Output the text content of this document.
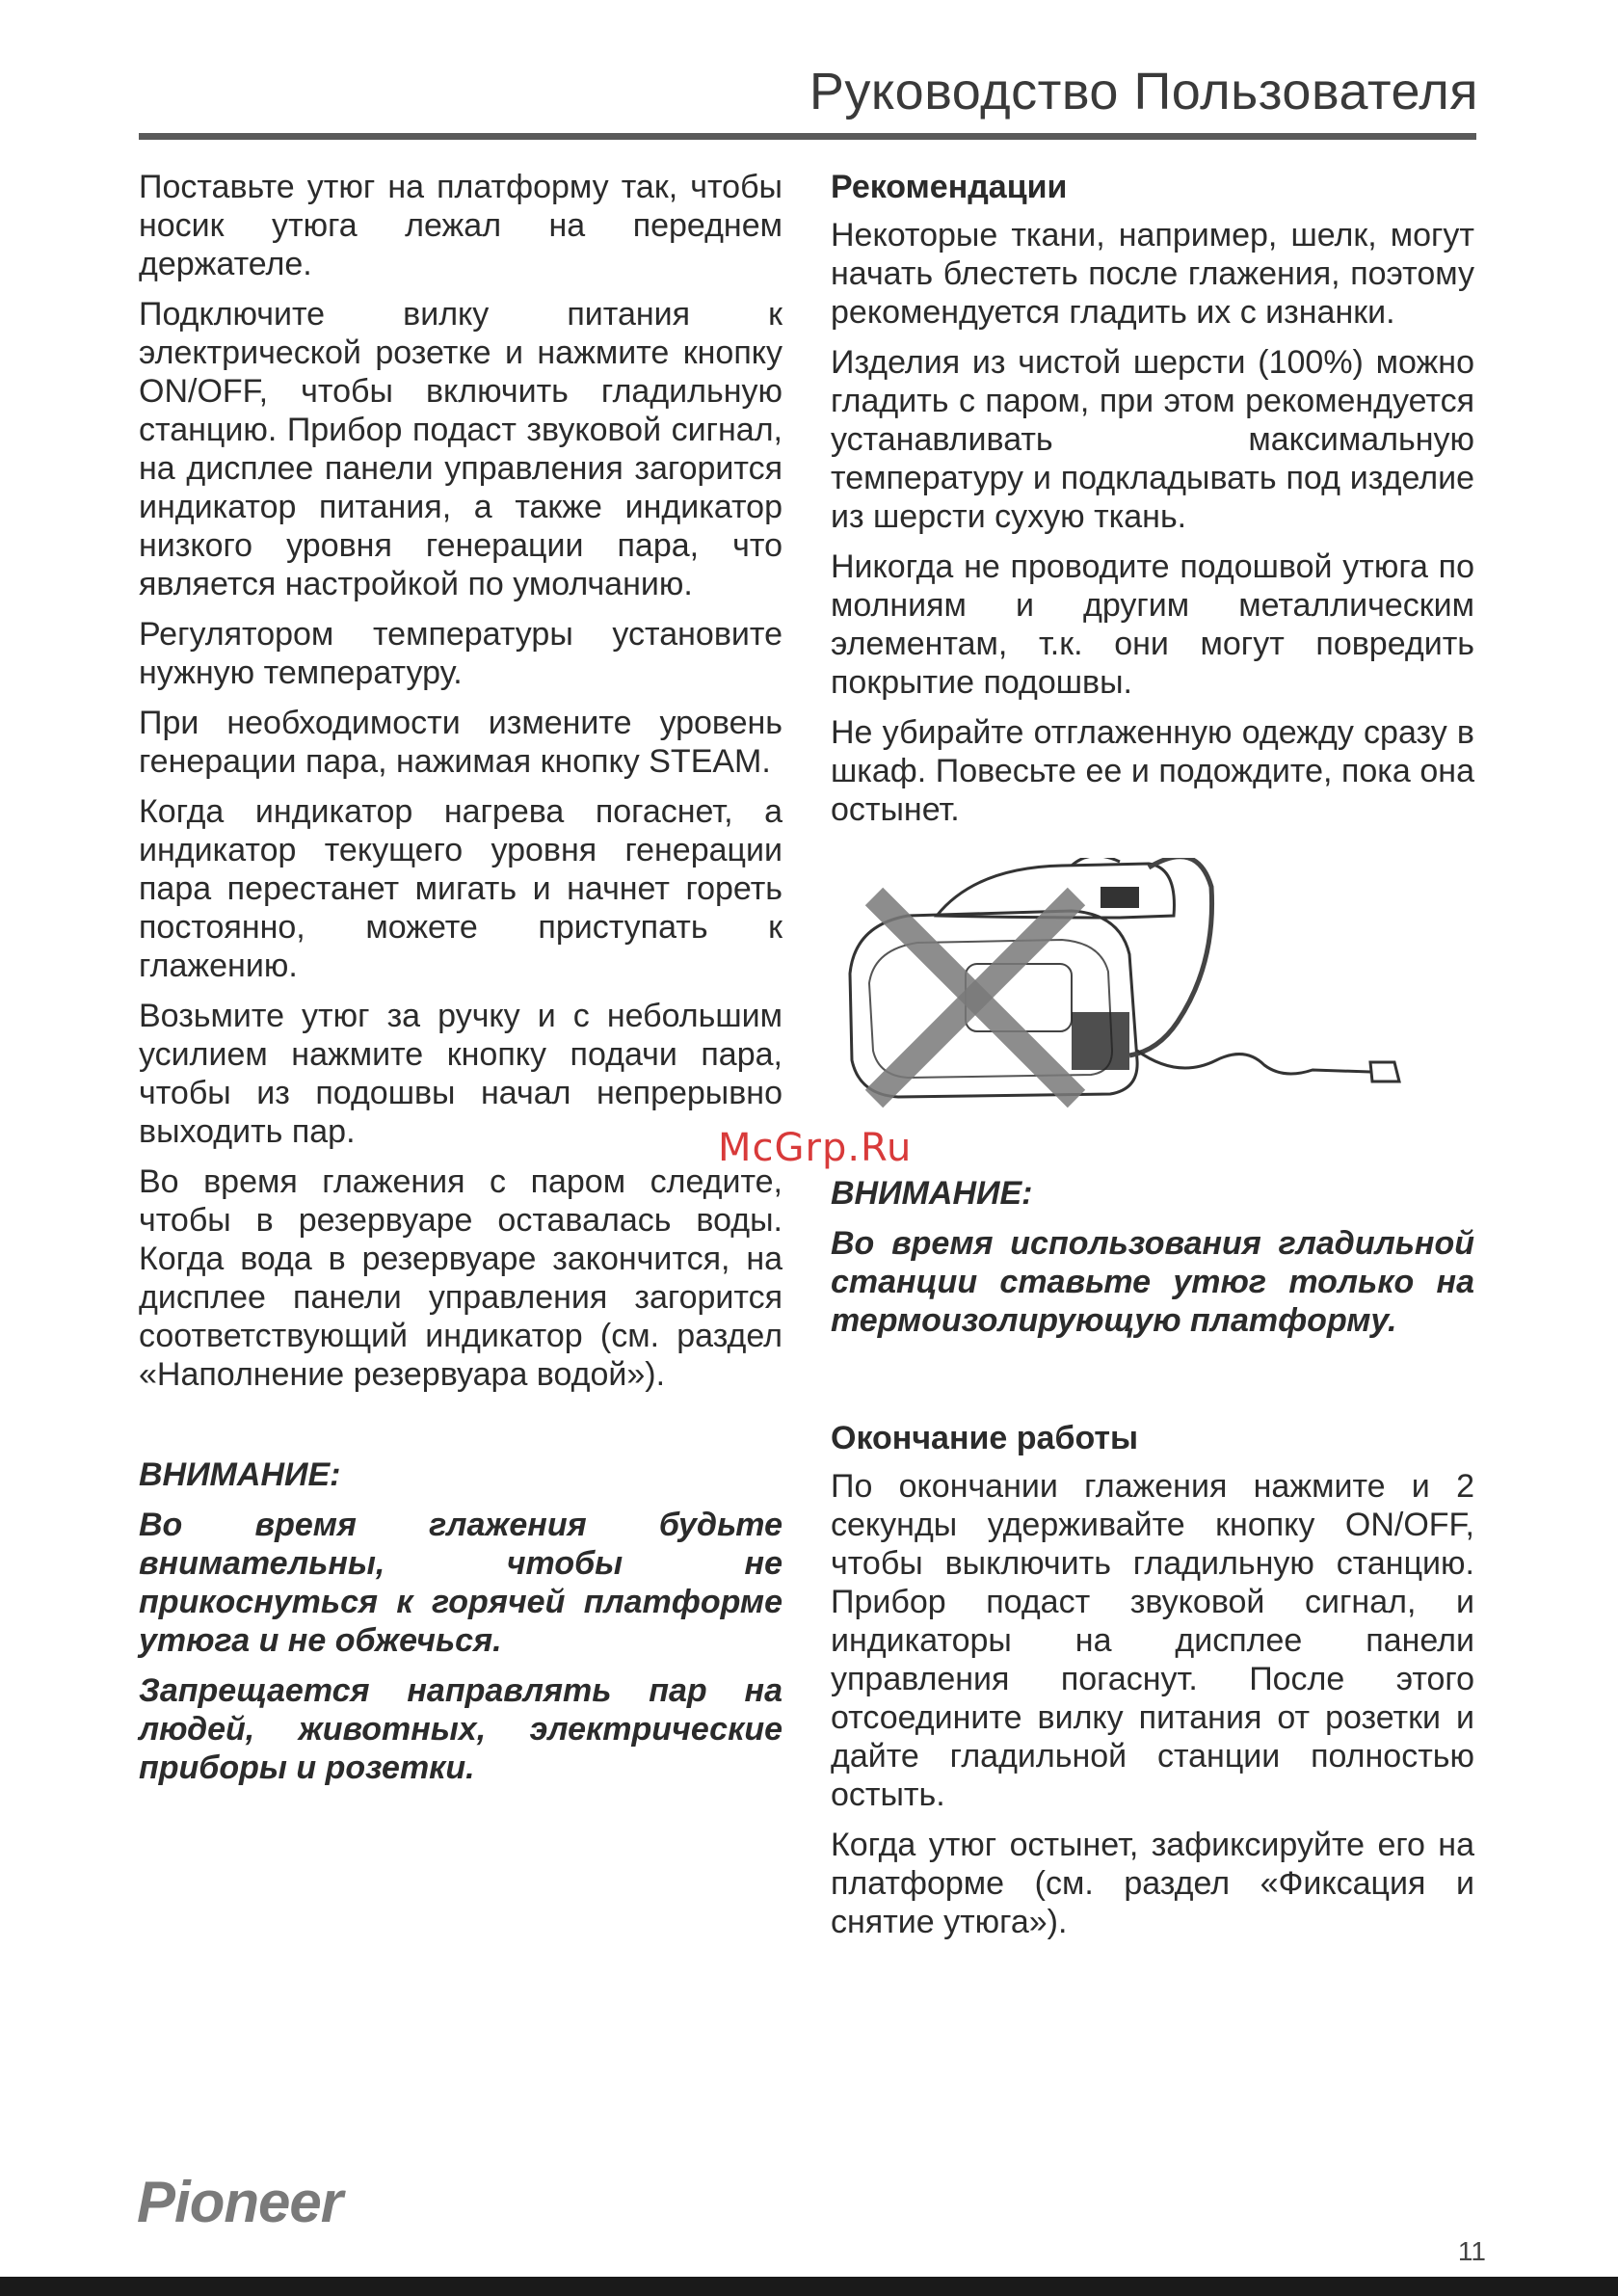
Руководство Пользователя

Поставьте утюг на платформу так, чтобы носик утюга лежал на переднем держателе.

Подключите вилку питания к электрической розетке и нажмите кнопку ON/OFF, чтобы включить гладильную станцию. Прибор подаст звуковой сигнал, на дисплее панели управления загорится индикатор питания, а также индикатор низкого уровня генерации пара, что является настройкой по умолчанию.

Регулятором температуры установите нужную температуру.

При необходимости измените уровень генерации пара, нажимая кнопку STEAM.

Когда индикатор нагрева погаснет, а индикатор текущего уровня генерации пара перестанет мигать и начнет гореть постоянно, можете приступать к глажению.

Возьмите утюг за ручку и с небольшим усилием нажмите кнопку подачи пара, чтобы из подошвы начал непрерывно выходить пар.

Во время глажения с паром следите, чтобы в резервуаре оставалась воды. Когда вода в резервуаре закончится, на дисплее панели управления загорится соответствующий индикатор (см. раздел «Наполнение резервуара водой»).

ВНИМАНИЕ:

Во время глажения будьте внимательны, чтобы не прикоснуться к горячей платформе утюга и не обжечься.

Запрещается направлять пар на людей, животных, электрические приборы и розетки.

Рекомендации

Некоторые ткани, например, шелк, могут начать блестеть после глажения, поэтому рекомендуется гладить их с изнанки.

Изделия из чистой шерсти (100%) можно гладить с паром, при этом рекомендуется устанавливать максимальную температуру и подкладывать под изделие из шерсти сухую ткань.

Никогда не проводите подошвой утюга по молниям и другим металлическим элементам, т.к. они могут повредить покрытие подошвы.

Не убирайте отглаженную одежду сразу в шкаф. Повесьте ее и подождите, пока она остынет.

ВНИМАНИЕ:

Во время использования гладильной станции ставьте утюг только на термоизолирующую платформу.

Окончание работы

По окончании глажения нажмите и 2 секунды удерживайте кнопку ON/OFF, чтобы выключить гладильную станцию. Прибор подаст звуковой сигнал, и индикаторы на дисплее панели управления погаснут. После этого отсоедините вилку питания от розетки и дайте гладильной станции полностью остыть.

Когда утюг остынет, зафиксируйте его на платформе (см. раздел «Фиксация и снятие утюга»).

McGrp.Ru
Pioneer
11
